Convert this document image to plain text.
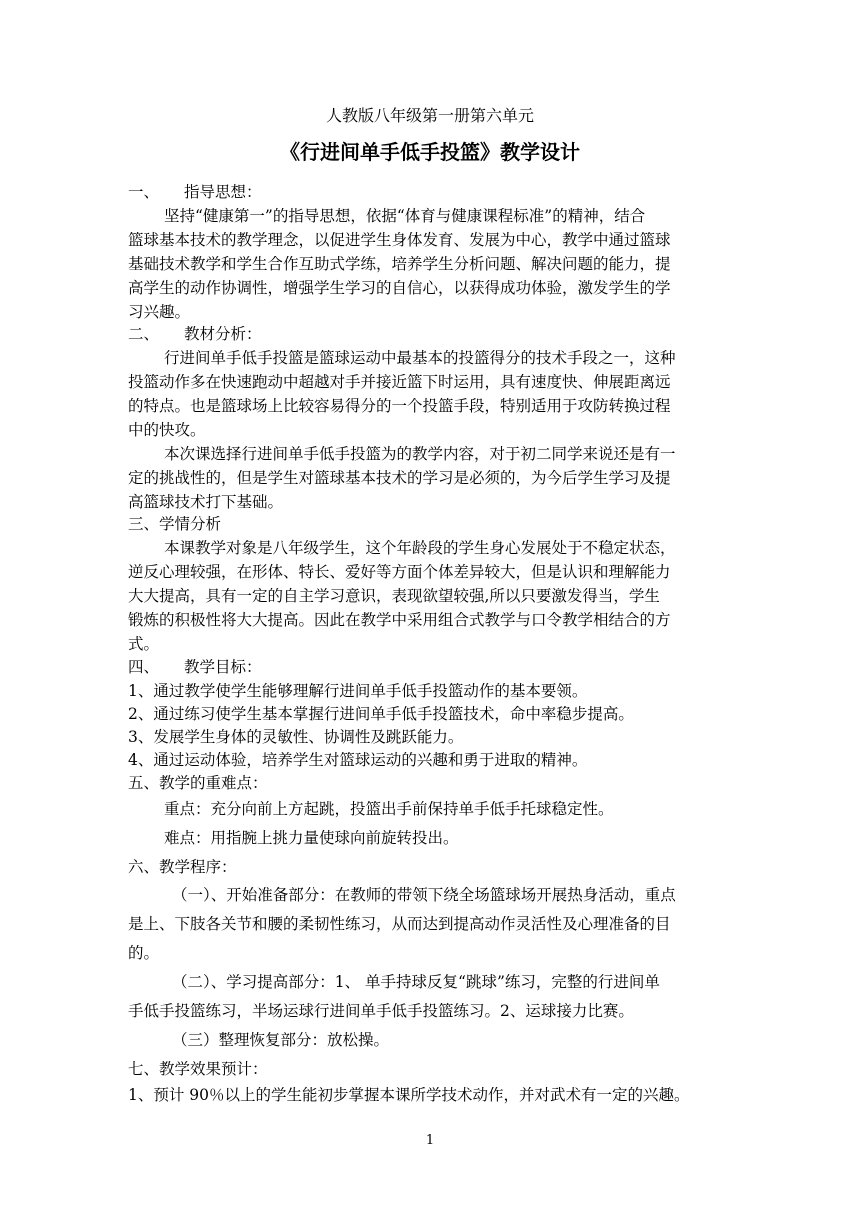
人教版八年级第一册第六单元
《行进间单手低手投篮》教学设计
一、 指导思想：
坚持“健康第一”的指导思想，依据“体育与健康课程标准”的精神，结合
篮球基本技术的教学理念，以促进学生身体发育、发展为中心，教学中通过篮球
基础技术教学和学生合作互助式学练，培养学生分析问题、解决问题的能力，提
高学生的动作协调性，增强学生学习的自信心，以获得成功体验，激发学生的学
习兴趣。
二、 教材分析：
行进间单手低手投篮是篮球运动中最基本的投篮得分的技术手段之一，这种
投篮动作多在快速跑动中超越对手并接近篮下时运用，具有速度快、伸展距离远
的特点。也是篮球场上比较容易得分的一个投篮手段，特别适用于攻防转换过程
中的快攻。
本次课选择行进间单手低手投篮为的教学内容，对于初二同学来说还是有一
定的挑战性的，但是学生对篮球基本技术的学习是必须的，为今后学生学习及提
高篮球技术打下基础。
三、学情分析
本课教学对象是八年级学生，这个年龄段的学生身心发展处于不稳定状态，
逆反心理较强，在形体、特长、爱好等方面个体差异较大，但是认识和理解能力
大大提高，具有一定的自主学习意识，表现欲望较强,所以只要激发得当，学生
锻炼的积极性将大大提高。因此在教学中采用组合式教学与口令教学相结合的方
式。
四、 教学目标：
1、通过教学使学生能够理解行进间单手低手投篮动作的基本要领。
2、通过练习使学生基本掌握行进间单手低手投篮技术，命中率稳步提高。
3、发展学生身体的灵敏性、协调性及跳跃能力。
4、通过运动体验，培养学生对篮球运动的兴趣和勇于进取的精神。
五、教学的重难点：
重点：充分向前上方起跳，投篮出手前保持单手低手托球稳定性。
难点：用指腕上挑力量使球向前旋转投出。
六、教学程序：
（一）、开始准备部分：在教师的带领下绕全场篮球场开展热身活动，重点
是上、下肢各关节和腰的柔韧性练习，从而达到提高动作灵活性及心理准备的目
的。
（二）、学习提高部分：1、 单手持球反复“跳球”练习，完整的行进间单
手低手投篮练习，半场运球行进间单手低手投篮练习。2、运球接力比赛。
（三）整理恢复部分：放松操。
七、教学效果预计：
1、预计 90％以上的学生能初步掌握本课所学技术动作，并对武术有一定的兴趣。
1
